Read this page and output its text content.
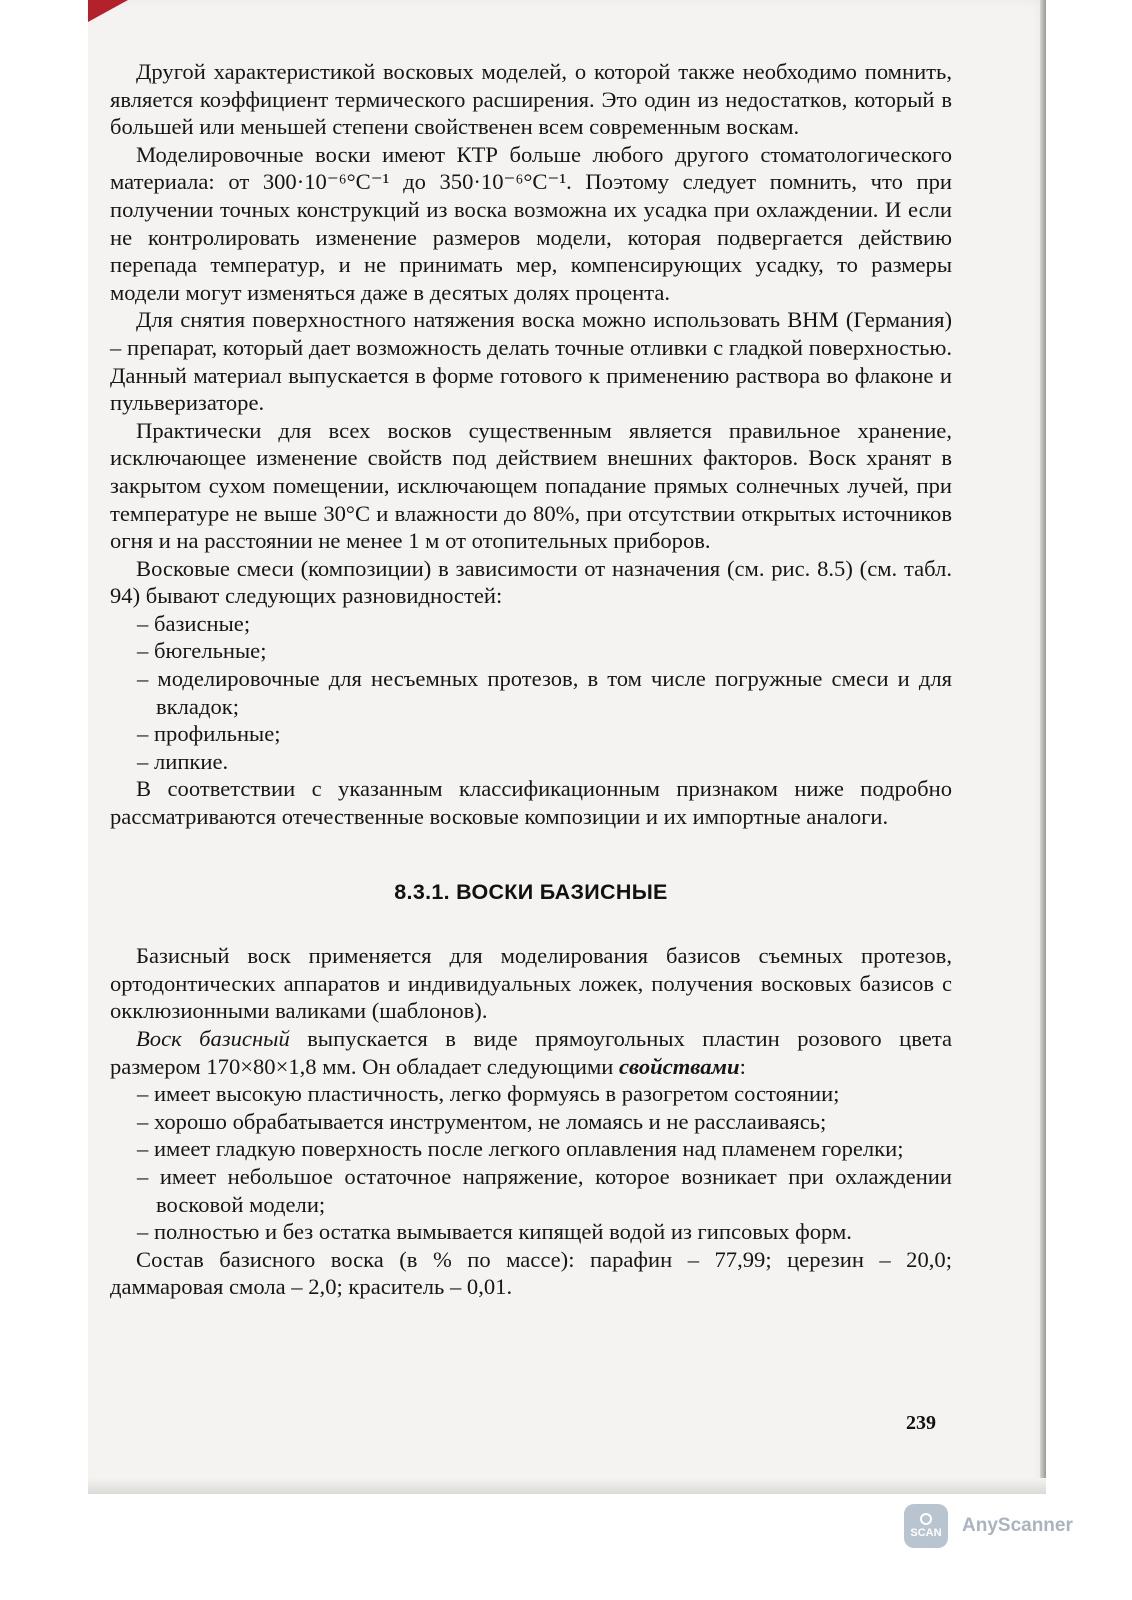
Другой характеристикой восковых моделей, о которой также необходимо помнить, является коэффициент термического расширения. Это один из недостатков, который в большей или меньшей степени свойственен всем современным воскам.

Моделировочные воски имеют КТР больше любого другого стоматологического материала: от 300·10⁻⁶°С⁻¹ до 350·10⁻⁶°С⁻¹. Поэтому следует помнить, что при получении точных конструкций из воска возможна их усадка при охлаждении. И если не контролировать изменение размеров модели, которая подвергается действию перепада температур, и не принимать мер, компенсирующих усадку, то размеры модели могут изменяться даже в десятых долях процента.

Для снятия поверхностного натяжения воска можно использовать ВНМ (Германия) – препарат, который дает возможность делать точные отливки с гладкой поверхностью. Данный материал выпускается в форме готового к применению раствора во флаконе и пульверизаторе.

Практически для всех восков существенным является правильное хранение, исключающее изменение свойств под действием внешних факторов. Воск хранят в закрытом сухом помещении, исключающем попадание прямых солнечных лучей, при температуре не выше 30°С и влажности до 80%, при отсутствии открытых источников огня и на расстоянии не менее 1 м от отопительных приборов.

Восковые смеси (композиции) в зависимости от назначения (см. рис. 8.5) (см. табл. 94) бывают следующих разновидностей:

– базисные;

– бюгельные;

– моделировочные для несъемных протезов, в том числе погружные смеси и для вкладок;

– профильные;

– липкие.

В соответствии с указанным классификационным признаком ниже подробно рассматриваются отечественные восковые композиции и их импортные аналоги.

8.3.1. ВОСКИ БАЗИСНЫЕ

Базисный воск применяется для моделирования базисов съемных протезов, ортодонтических аппаратов и индивидуальных ложек, получения восковых базисов с окклюзионными валиками (шаблонов).

Воск базисный выпускается в виде прямоугольных пластин розового цвета размером 170×80×1,8 мм. Он обладает следующими свойствами:

– имеет высокую пластичность, легко формуясь в разогретом состоянии;

– хорошо обрабатывается инструментом, не ломаясь и не расслаиваясь;

– имеет гладкую поверхность после легкого оплавления над пламенем горелки;

– имеет небольшое остаточное напряжение, которое возникает при охлаждении восковой модели;

– полностью и без остатка вымывается кипящей водой из гипсовых форм.

Состав базисного воска (в % по массе): парафин – 77,99; церезин – 20,0; даммаровая смола – 2,0; краситель – 0,01.

239
SCAN AnyScanner
